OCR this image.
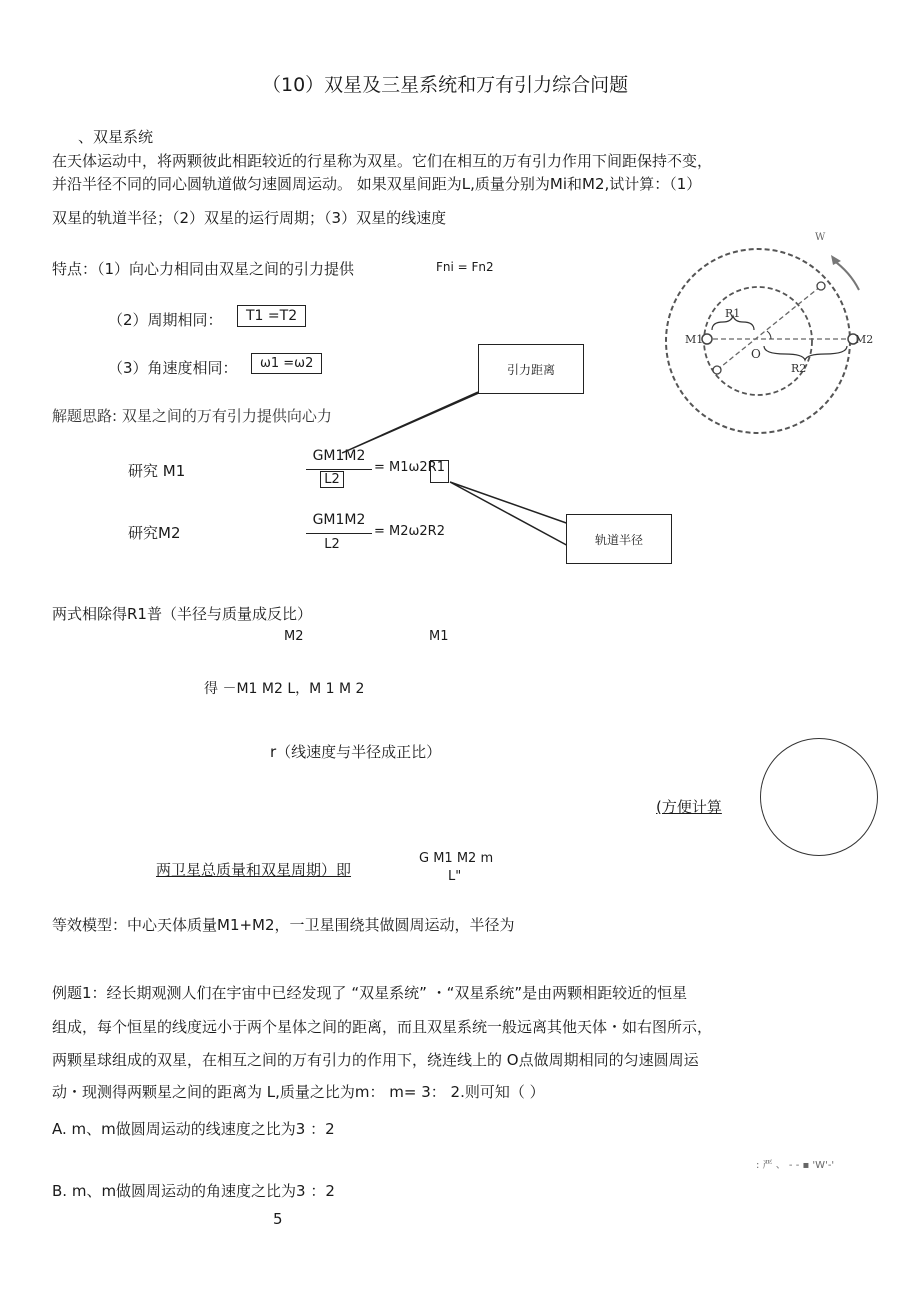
（10）双星及三星系统和万有引力综合问题
、双星系统
在天体运动中，将两颗彼此相距较近的行星称为双星。它们在相互的万有引力作用下间距保持不变，
并沿半径不同的同心圆轨道做匀速圆周运动。 如果双星间距为L,质量分别为Mi和M2,试计算：（1）
双星的轨道半径；（2）双星的运行周期；（3）双星的线速度
特点：（1）向心力相同由双星之间的引力提供	Fni = Fn2
（2）周期相同：	T1 =T2
（3）角速度相同：	ω1 =ω2
解题思路: 双星之间的万有引力提供向心力
研究 M1
GM1M2
L2
= M1ω2R1
研究M2
GM1M2
L2
= M2ω2R2
引力距离
轨道半径
W
M1	M2
O
R1
R2
两式相除得R1普（半径与质量成反比）
M2	M1
得 －M1 M2 L，M 1 M 2
r（线速度与半径成正比）
(方便计算
两卫星总质量和双星周期）即
G M1 M2 m
L"
等效模型：中心天体质量M1+M2，一卫星围绕其做圆周运动，半径为
例题1：经长期观测人们在宇宙中已经发现了 “双星系统” ・“双星系统”是由两颗相距较近的恒星
组成，每个恒星的线度远小于两个星体之间的距离，而且双星系统一般远离其他天体・如右图所示，
两颗星球组成的双星，在相互之间的万有引力的作用下，绕连线上的 O点做周期相同的匀速圆周运
动・现测得两颗星之间的距离为 L,质量之比为m： m= 3： 2.则可知（ ）
A. m、m做圆周运动的线速度之比为3 ：2
B. m、m做圆周运动的角速度之比为3 ：2
: 严 、 - - ▪ 'W'-'
5
